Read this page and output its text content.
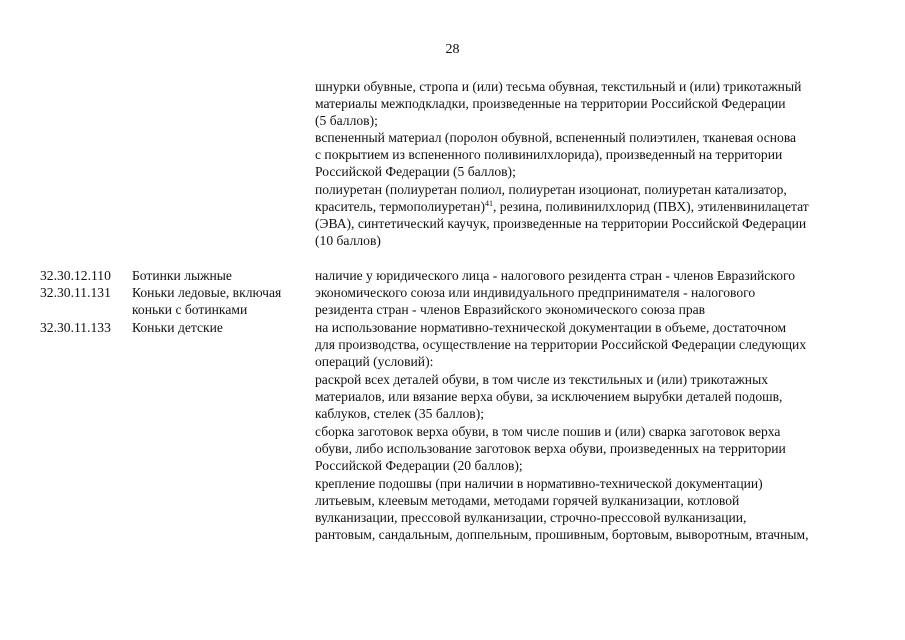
28
шнурки обувные, стропа и (или) тесьма обувная, текстильный и (или) трикотажный
материалы межподкладки, произведенные на территории Российской Федерации
(5 баллов);
вспененный материал (поролон обувной, вспененный полиэтилен, тканевая основа
с покрытием из вспененного поливинилхлорида), произведенный на территории
Российской Федерации (5 баллов);
полиуретан (полиуретан полиол, полиуретан изоционат, полиуретан катализатор,
краситель, термополиуретан)$^{41}$, резина, поливинилхлорид (ПВХ), этиленвинилацетат
(ЭВА), синтетический каучук, произведенные на территории Российской Федерации
(10 баллов)
32.30.12.110 Ботинки лыжные
32.30.11.131 Коньки ледовые, включая
коньки с ботинками
32.30.11.133 Коньки детские
наличие у юридического лица - налогового резидента стран - членов Евразийского
экономического союза или индивидуального предпринимателя - налогового
резидента стран - членов Евразийского экономического союза прав
на использование нормативно-технической документации в объеме, достаточном
для производства, осуществление на территории Российской Федерации следующих
операций (условий):
раскрой всех деталей обуви, в том числе из текстильных и (или) трикотажных
материалов, или вязание верха обуви, за исключением вырубки деталей подошв,
каблуков, стелек (35 баллов);
сборка заготовок верха обуви, в том числе пошив и (или) сварка заготовок верха
обуви, либо использование заготовок верха обуви, произведенных на территории
Российской Федерации (20 баллов);
крепление подошвы (при наличии в нормативно-технической документации)
литьевым, клеевым методами, методами горячей вулканизации, котловой
вулканизации, прессовой вулканизации, строчно-прессовой вулканизации,
рантовым, сандальным, доппельным, прошивным, бортовым, выворотным, втачным,
